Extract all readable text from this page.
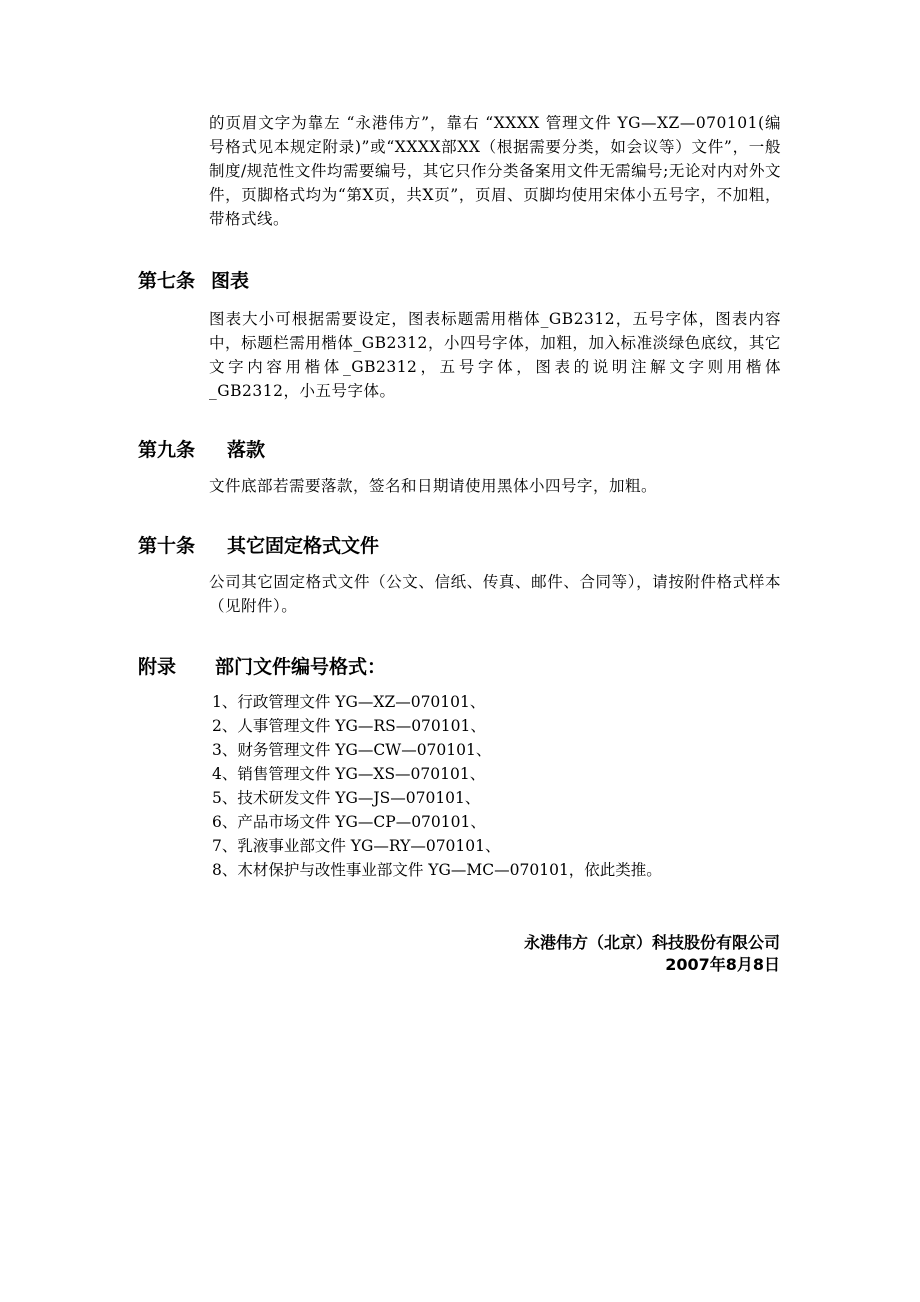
的页眉文字为靠左 “永港伟方”，靠右 “XXXX 管理文件 YG—XZ—070101(编号格式见本规定附录)”或“XXXX部XX（根据需要分类，如会议等）文件”，一般制度/规范性文件均需要编号，其它只作分类备案用文件无需编号;无论对内对外文件，页脚格式均为“第X页，共X页”，页眉、页脚均使用宋体小五号字，不加粗，带格式线。
第七条 图表
图表大小可根据需要设定，图表标题需用楷体_GB2312，五号字体，图表内容中，标题栏需用楷体_GB2312，小四号字体，加粗，加入标准淡绿色底纹，其它文字内容用楷体_GB2312，五号字体，图表的说明注解文字则用楷体_GB2312，小五号字体。
第九条 落款
文件底部若需要落款，签名和日期请使用黑体小四号字，加粗。
第十条 其它固定格式文件
公司其它固定格式文件（公文、信纸、传真、邮件、合同等），请按附件格式样本（见附件）。
附录 部门文件编号格式：
1、行政管理文件 YG—XZ—070101、
2、人事管理文件 YG—RS—070101、
3、财务管理文件 YG—CW—070101、
4、销售管理文件 YG—XS—070101、
5、技术研发文件 YG—JS—070101、
6、产品市场文件 YG—CP—070101、
7、乳液事业部文件 YG—RY—070101、
8、木材保护与改性事业部文件 YG—MC—070101，依此类推。
永港伟方（北京）科技股份有限公司
2007年8月8日
